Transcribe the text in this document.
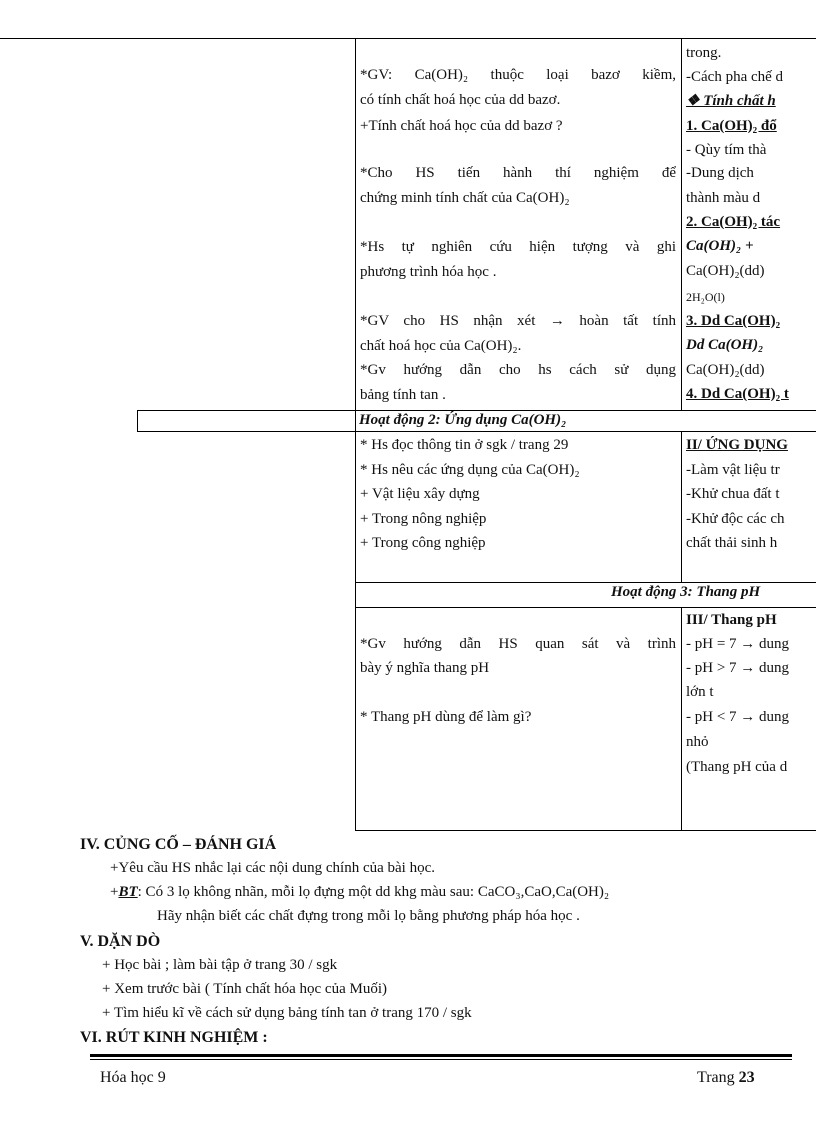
*GV: Ca(OH)₂ thuộc loại bazơ kiềm,
có tính chất hoá học của dd bazơ.
+Tính chất hoá học của dd bazơ ?
*Cho HS tiến hành thí nghiệm để
chứng minh tính chất của Ca(OH)₂
*Hs tự nghiên cứu hiện tượng và ghi
phương trình hóa học .
*GV cho HS nhận xét → hoàn tất tính
chất hoá học của Ca(OH)₂.
*Gv hướng dẫn cho hs cách sử dụng
bảng tính tan .
trong.
-Cách pha chế d
❖ Tính chất h
1. Ca(OH)₂ đổ
- Qùy tím thà
-Dung dịch
thành màu d
2. Ca(OH)₂ tác
Ca(OH)₂ +
Ca(OH)₂(dd)
2H₂O(l)
3. Dd Ca(OH)₂
Dd Ca(OH)₂
Ca(OH)₂(dd)
4. Dd Ca(OH)₂ t
Hoạt động 2: Ứng dụng Ca(OH)₂
* Hs đọc thông tin ở sgk / trang 29
* Hs nêu các ứng dụng của Ca(OH)₂
+ Vật liệu xây dựng
+ Trong nông nghiệp
+ Trong công nghiệp
II/ ỨNG DỤNG
-Làm vật liệu tr
-Khử chua đất t
-Khử độc các ch
chất thải sinh h
Hoạt động 3: Thang pH
*Gv hướng dẫn HS quan sát và trình
bày ý nghĩa thang pH
* Thang pH dùng để làm gì?
III/ Thang pH
- pH = 7 → dung
- pH > 7 → dung
lớn t
- pH < 7 → dung
nhỏ
(Thang pH của d
IV. CỦNG CỐ – ĐÁNH GIÁ
+Yêu cầu HS nhắc lại các nội dung chính của bài học.
+BT: Có 3 lọ không nhãn, mỗi lọ đựng một dd khg màu sau: CaCO₃,CaO,Ca(OH)₂
Hãy nhận biết các chất đựng trong mỗi lọ bằng phương pháp hóa học .
V. DẶN DÒ
+ Học bài ; làm bài tập ở trang 30 / sgk
+ Xem trước bài ( Tính chất hóa học của Muối)
+ Tìm hiểu kĩ về cách sử dụng bảng tính tan ở trang 170 / sgk
VI. RÚT KINH NGHIỆM :
Hóa học 9	Trang 23
